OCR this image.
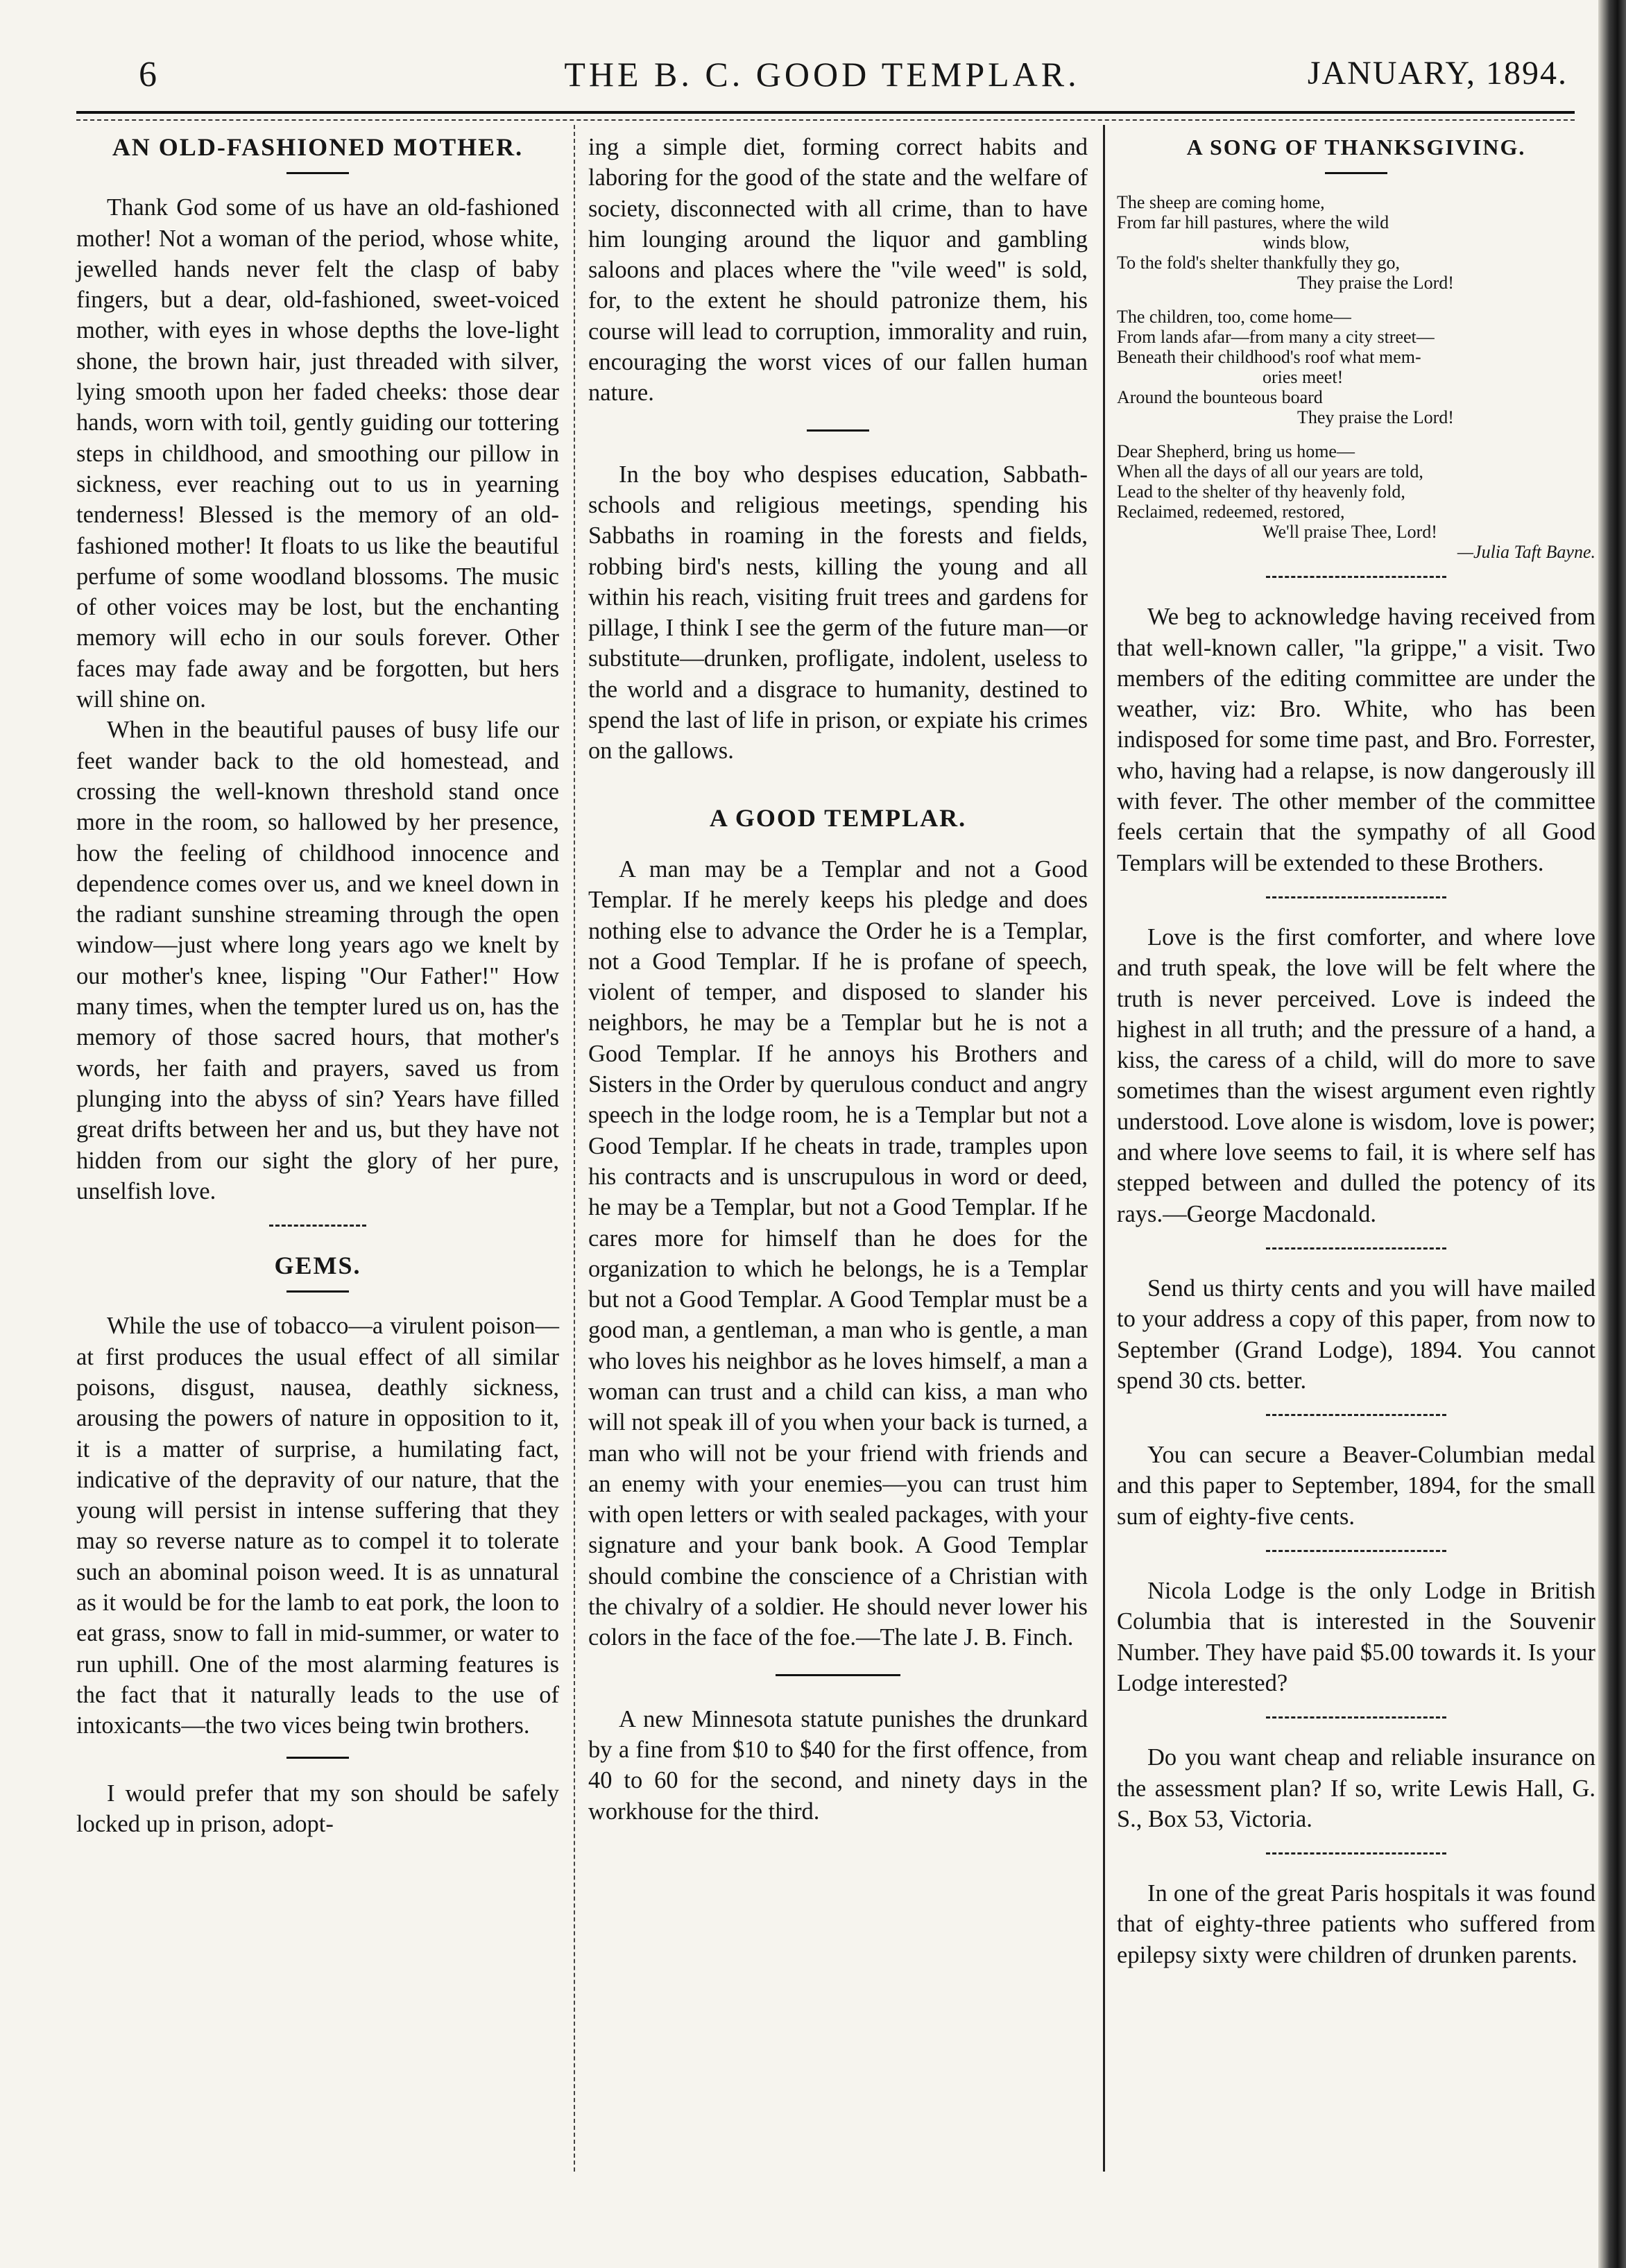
6	THE B. C. GOOD TEMPLAR.	JANUARY, 1894.
AN OLD-FASHIONED MOTHER.

Thank God some of us have an old-fashioned mother! Not a woman of the period, whose white, jewelled hands never felt the clasp of baby fingers, but a dear, old-fashioned, sweet-voiced mother, with eyes in whose depths the love-light shone, the brown hair, just threaded with silver, lying smooth upon her faded cheeks: those dear hands, worn with toil, gently guiding our tottering steps in childhood, and smoothing our pillow in sickness, ever reaching out to us in yearning tenderness! Blessed is the memory of an old-fashioned mother! It floats to us like the beautiful perfume of some woodland blossoms. The music of other voices may be lost, but the enchanting memory will echo in our souls forever. Other faces may fade away and be forgotten, but hers will shine on.

When in the beautiful pauses of busy life our feet wander back to the old homestead, and crossing the well-known threshold stand once more in the room, so hallowed by her presence, how the feeling of childhood innocence and dependence comes over us, and we kneel down in the radiant sunshine streaming through the open window—just where long years ago we knelt by our mother's knee, lisping "Our Father!" How many times, when the tempter lured us on, has the memory of those sacred hours, that mother's words, her faith and prayers, saved us from plunging into the abyss of sin? Years have filled great drifts between her and us, but they have not hidden from our sight the glory of her pure, unselfish love.

GEMS.

While the use of tobacco—a virulent poison—at first produces the usual effect of all similar poisons, disgust, nausea, deathly sickness, arousing the powers of nature in opposition to it, it is a matter of surprise, a humilating fact, indicative of the depravity of our nature, that the young will persist in intense suffering that they may so reverse nature as to compel it to tolerate such an abominal poison weed. It is as unnatural as it would be for the lamb to eat pork, the loon to eat grass, snow to fall in mid-summer, or water to run uphill. One of the most alarming features is the fact that it naturally leads to the use of intoxicants—the two vices being twin brothers.

I would prefer that my son should be safely locked up in prison, adopt-

ing a simple diet, forming correct habits and laboring for the good of the state and the welfare of society, disconnected with all crime, than to have him lounging around the liquor and gambling saloons and places where the "vile weed" is sold, for, to the extent he should patronize them, his course will lead to corruption, immorality and ruin, encouraging the worst vices of our fallen human nature.

In the boy who despises education, Sabbath-schools and religious meetings, spending his Sabbaths in roaming in the forests and fields, robbing bird's nests, killing the young and all within his reach, visiting fruit trees and gardens for pillage, I think I see the germ of the future man—or substitute—drunken, profligate, indolent, useless to the world and a disgrace to humanity, destined to spend the last of life in prison, or expiate his crimes on the gallows.

A GOOD TEMPLAR.

A man may be a Templar and not a Good Templar. If he merely keeps his pledge and does nothing else to advance the Order he is a Templar, not a Good Templar. If he is profane of speech, violent of temper, and disposed to slander his neighbors, he may be a Templar but he is not a Good Templar. If he annoys his Brothers and Sisters in the Order by querulous conduct and angry speech in the lodge room, he is a Templar but not a Good Templar. If he cheats in trade, tramples upon his contracts and is unscrupulous in word or deed, he may be a Templar, but not a Good Templar. If he cares more for himself than he does for the organization to which he belongs, he is a Templar but not a Good Templar. A Good Templar must be a good man, a gentleman, a man who is gentle, a man who loves his neighbor as he loves himself, a man a woman can trust and a child can kiss, a man who will not speak ill of you when your back is turned, a man who will not be your friend with friends and an enemy with your enemies—you can trust him with open letters or with sealed packages, with your signature and your bank book. A Good Templar should combine the conscience of a Christian with the chivalry of a soldier. He should never lower his colors in the face of the foe.—The late J. B. Finch.

A new Minnesota statute punishes the drunkard by a fine from $10 to $40 for the first offence, from 40 to 60 for the second, and ninety days in the workhouse for the third.

A SONG OF THANKSGIVING.
The sheep are coming home,
From far hill pastures, where the wild
winds blow,
To the fold's shelter thankfully they go,
They praise the Lord!
The children, too, come home—
From lands afar—from many a city street—
Beneath their childhood's roof what mem-
ories meet!
Around the bounteous board
They praise the Lord!
Dear Shepherd, bring us home—
When all the days of all our years are told,
Lead to the shelter of thy heavenly fold,
Reclaimed, redeemed, restored,
We'll praise Thee, Lord!
—Julia Taft Bayne.

We beg to acknowledge having received from that well-known caller, "la grippe," a visit. Two members of the editing committee are under the weather, viz: Bro. White, who has been indisposed for some time past, and Bro. Forrester, who, having had a relapse, is now dangerously ill with fever. The other member of the committee feels certain that the sympathy of all Good Templars will be extended to these Brothers.

Love is the first comforter, and where love and truth speak, the love will be felt where the truth is never perceived. Love is indeed the highest in all truth; and the pressure of a hand, a kiss, the caress of a child, will do more to save sometimes than the wisest argument even rightly understood. Love alone is wisdom, love is power; and where love seems to fail, it is where self has stepped between and dulled the potency of its rays.—George Macdonald.

Send us thirty cents and you will have mailed to your address a copy of this paper, from now to September (Grand Lodge), 1894. You cannot spend 30 cts. better.

You can secure a Beaver-Columbian medal and this paper to September, 1894, for the small sum of eighty-five cents.

Nicola Lodge is the only Lodge in British Columbia that is interested in the Souvenir Number. They have paid $5.00 towards it. Is your Lodge interested?

Do you want cheap and reliable insurance on the assessment plan? If so, write Lewis Hall, G. S., Box 53, Victoria.

In one of the great Paris hospitals it was found that of eighty-three patients who suffered from epilepsy sixty were children of drunken parents.
